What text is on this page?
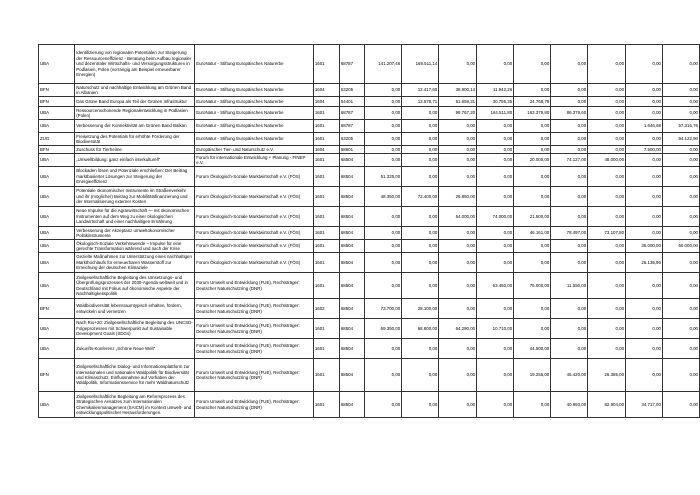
UBA	Identifizierung von regionalen Potentialen zur Steigerung der Ressourceneffizienz - Beratung beim Aufbau regionaler und dezentraler Wirtschafts- und Versorgungsstrukturen in Podlasien, Polen (vorrangig am Beispiel erneuerbarer Energien)	EuroNatur - Stiftung Europäisches Naturerbe	1601	68787	141.207,46	169.511,14	0,00	0,00	0,00	0,00	0,00	0,00	0,00
BFN	Naturschutz und nachhaltige Entwicklung am Grünen Band in Albanien	EuroNatur - Stiftung Europäisches Naturerbe	1604	53205	0,00	12.417,60	38.900,14	11.942,26	0,00	0,00	0,00	0,00	0,00
BFN	Das Grüne Band Europa als Teil der Grünen Infrastruktur	EuroNatur - Stiftung Europäisches Naturerbe	1604	54401	0,00	13.578,71	51.659,31	30.756,35	24.768,79	0,00	0,00	0,00	0,00
UBA	Ressourcenschonende Regionalentwicklung in Podlasien (Polen)	EuroNatur - Stiftung Europäisches Naturerbe	1601	68787	0,00	0,00	99.767,20	164.511,80	163.379,80	86.379,60	0,00	0,00	0,00
UBA	Verbesserung der Konnektivität am Grünen Band Balkan	EuroNatur - Stiftung Europäisches Naturerbe	1601	68787	0,00	0,00	0,00	0,00	0,00	0,00	0,00	1.646,68	57.316,76
ZUG	Freisetzung des Potentials für erhöhte Förderung der Biodiversität	EuroNatur - Stiftung Europäisches Naturerbe	1601	53205	0,00	0,00	0,00	0,00	0,00	0,00	0,00	0,00	94.122,90
BFN	Zuschuss für Tierheime	Europäischer Tier- und Naturschutz e.V.	1604	68601	0,00	0,00	0,00	0,00	0,00	0,00	0,00	7.500,00	0,00
UBA	„Umweltbildung: ganz einfach interkulturell“	Forum für internationale Entwicklung + Planung - FINEP e.V.	1601	68504	0,00	0,00	0,00	0,00	20.000,00	74.127,00	48.000,00	0,00	0,00
UBA	Blockaden lösen und Potenziale erschließen: Der Beitrag marktbasierter Lösungen zur Steigerung der Energieeffizienz	Forum Ökologisch-Soziale Marktwirtschaft e.V. (FÖS)	1601	68504	51.325,00	0,00	0,00	0,00	0,00	0,00	0,00	0,00	0,00
UBA	Potentiale ökonomischer Instrumente im Straßenverkehr und ihr (möglicher) Beitrag zur Mobilitätsfinanzierung und der Internalisierung externer Kosten	Forum Ökologisch-Soziale Marktwirtschaft e.V. (FÖS)	1601	68504	48.350,00	72.400,00	26.850,00	0,00	0,00	0,00	0,00	0,00	0,00
UBA	Neue Impulse für die Agrarwirtschaft — mit ökonomischen Instrumenten auf dem Weg zu einer ökologischen Landwirtschaft und einer nachhaltigen Ernährung	Forum Ökologisch-Soziale Marktwirtschaft e.V. (FÖS)	1601	68504	0,00	0,00	54.000,00	74.000,00	21.500,00	0,00	0,00	0,00	0,00
UBA	Verbesserung der Akzeptanz umweltökonomischer Politikinstrumente	Forum Ökologisch-Soziale Marktwirtschaft e.V. (FÖS)	1601	68504	0,00	0,00	0,00	0,00	46.161,00	78.497,00	73.107,80	0,00	0,00
UBA	Ökologisch-Soziale Verkehrswende – Impulse für eine gerechte Transformation während und nach der Krise	Forum Ökologisch-Soziale Marktwirtschaft e.V. (FÖS)	1601	68504	0,00	0,00	0,00	0,00	0,00	0,00	0,00	35.000,00	60.000,00
UBA	Gezielte Maßnahmen zur Unterstützung eines nachhaltigen Markthochlaufs für erneuerbaren Wasserstoff zur Erreichung der deutschen Klimaziele	Forum Ökologisch-Soziale Marktwirtschaft e.V. (FÖS)	1601	68504	0,00	0,00	0,00	0,00	0,00	0,00	0,00	26.135,96	0,00
UBA	Zivilgesellschaftliche Begleitung des Umsetzungs- und Überprüfungsprozesses der 2030-Agenda weltweit und in Deutschland mit Fokus auf ökonomische Aspekte der Nachhaltigkeitspolitik	Forum Umwelt und Entwicklung (FUE), Rechtsträger: Deutscher Naturschutzring (DNR)	1601	68504	0,00	0,00	0,00	63.450,00	75.000,00	11.550,00	0,00	0,00	0,00
BFN	Waldbiodiversität lebensraumtypisch erhalten, fördern, entwickeln und vernetzen	Forum Umwelt und Entwicklung (FUE), Rechtsträger: Deutscher Naturschutzring (DNR)	1602	68504	73.700,00	28.100,00	0,00	0,00	0,00	0,00	0,00	0,00	0,00
UBA	Nach Rio+20: Zivilgesellschaftliche Begleitung des UNCSD-Folgeprozesses mit Schwerpunkt auf Sustainable Development Goals (SDGs)	Forum Umwelt und Entwicklung (FUE), Rechtsträger: Deutscher Naturschutzring (DNR)	1601	68504	69.350,00	68.800,00	64.290,00	10.710,00	0,00	0,00	0,00	0,00	0,00
UBA	Zukunfts-Konferenz „Schöne Neue Welt“	Forum Umwelt und Entwicklung (FUE), Rechtsträger: Deutscher Naturschutzring (DNR)	1601	68504	0,00	0,00	0,00	0,00	44.500,00	0,00	0,00	0,00	0,00
BFN	Zivilgesellschaftliche Dialog- und Informationsplattform zur internationalen und nationalen Waldpolitik für Biodiversität und Klimaschutz. Einflussnahme auf Vorhaben der Waldpolitik, Informationsservice für mehr Waldnaturschutz	Forum Umwelt und Entwicklung (FUE), Rechtsträger: Deutscher Naturschutzring (DNR)	1601	68504	0,00	0,00	0,00	0,00	19.255,00	45.420,00	26.385,00	0,00	0,00
UBA	Zivilgesellschaftliche Begleitung am Reformprozess des Strategischen Ansatzes zum Internationalen Chemikalienmanagement (SAICM) im Kontext umwelt- und entwicklungspolitischer Herausforderungen.	Forum Umwelt und Entwicklung (FUE), Rechtsträger: Deutscher Naturschutzring (DNR)	1601	68504	0,00	0,00	0,00	0,00	0,00	40.993,00	82.904,00	34.717,00	0,00
